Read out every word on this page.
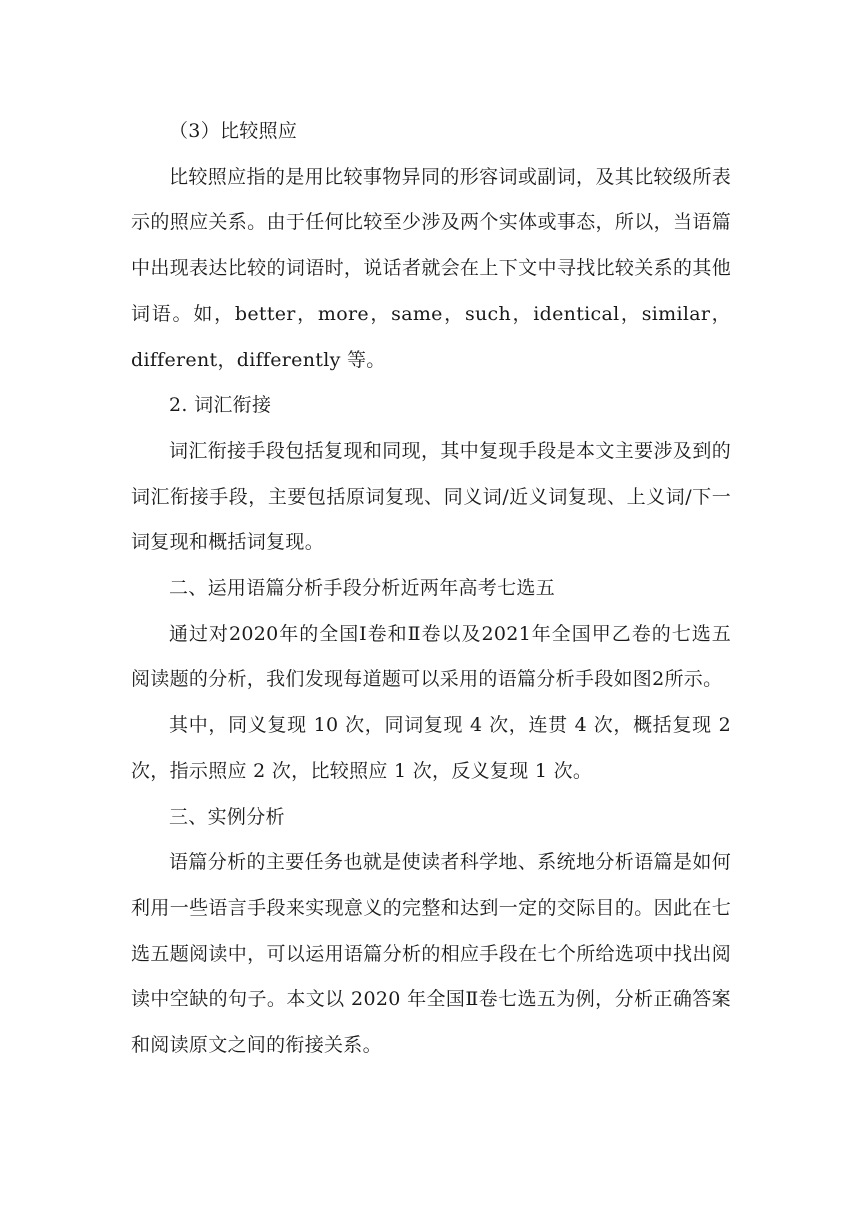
（3）比较照应

比较照应指的是用比较事物异同的形容词或副词，及其比较级所表示的照应关系。由于任何比较至少涉及两个实体或事态，所以，当语篇中出现表达比较的词语时，说话者就会在上下文中寻找比较关系的其他词语。如，better，more，same，such，identical，similar，different，differently 等。

2. 词汇衔接

词汇衔接手段包括复现和同现，其中复现手段是本文主要涉及到的词汇衔接手段，主要包括原词复现、同义词/近义词复现、上义词/下一词复现和概括词复现。

二、运用语篇分析手段分析近两年高考七选五

通过对2020年的全国Ⅰ卷和Ⅱ卷以及2021年全国甲乙卷的七选五阅读题的分析，我们发现每道题可以采用的语篇分析手段如图2所示。

其中，同义复现 10 次，同词复现 4 次，连贯 4 次，概括复现 2 次，指示照应 2 次，比较照应 1 次，反义复现 1 次。

三、实例分析

语篇分析的主要任务也就是使读者科学地、系统地分析语篇是如何利用一些语言手段来实现意义的完整和达到一定的交际目的。因此在七选五题阅读中，可以运用语篇分析的相应手段在七个所给选项中找出阅读中空缺的句子。本文以 2020 年全国Ⅱ卷七选五为例，分析正确答案和阅读原文之间的衔接关系。
